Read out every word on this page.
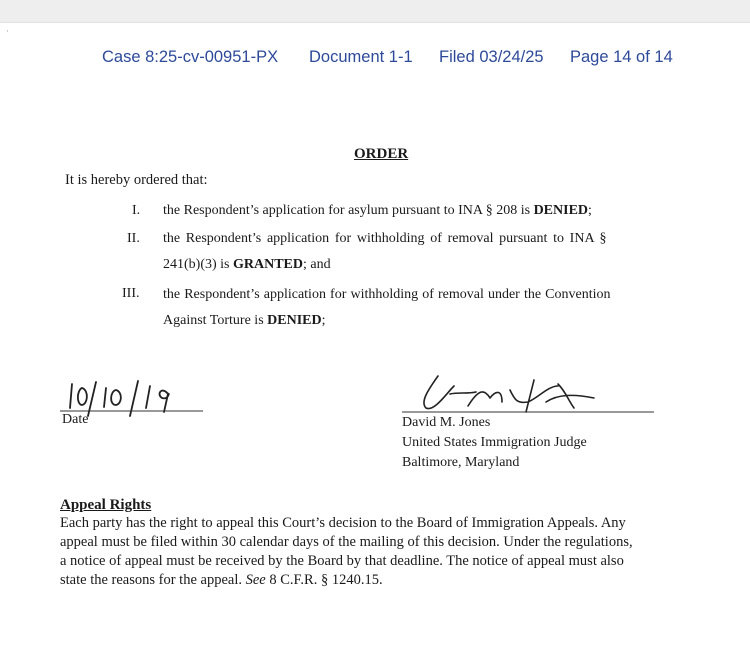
·
Case 8:25-cv-00951-PX Document 1-1 Filed 03/24/25 Page 14 of 14
ORDER
It is hereby ordered that:
I. the Respondent’s application for asylum pursuant to INA § 208 is DENIED;
II. the Respondent’s application for withholding of removal pursuant to INA §
241(b)(3) is GRANTED; and
III. the Respondent’s application for withholding of removal under the Convention
Against Torture is DENIED;
Date	David M. Jones
United States Immigration Judge
Baltimore, Maryland
Appeal Rights
Each party has the right to appeal this Court’s decision to the Board of Immigration Appeals. Any
appeal must be filed within 30 calendar days of the mailing of this decision. Under the regulations,
a notice of appeal must be received by the Board by that deadline. The notice of appeal must also
state the reasons for the appeal. See 8 C.F.R. § 1240.15.
